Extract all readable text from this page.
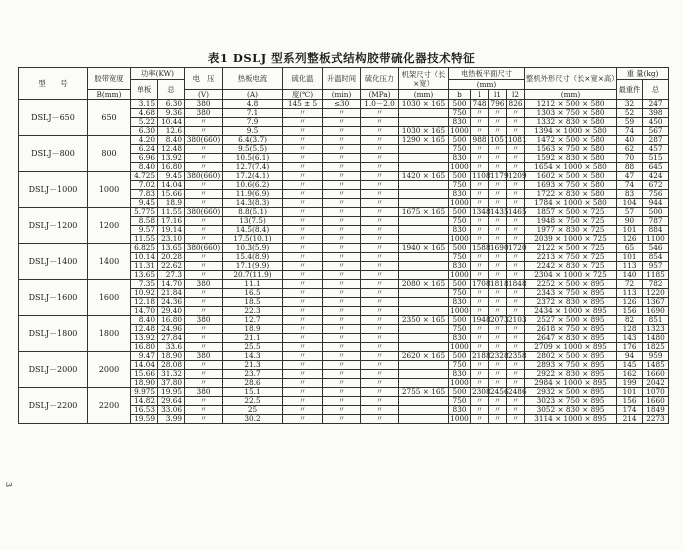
表1 DSLJ 型系列整板式结构胶带硫化器技术特征
型　　号	胶带宽度	功率(KW)		电　压	热板电流	硫化温	升温时间	硫化压力	机架尺寸（长×宽）	电热板平面尺寸				整机外形尺寸（长×宽×高）	重 量(kg)	
		单板	总							(mm)					最重件	总
	B(mm)			(V)	(A)	度(℃)	(min)	(MPa)	(mm)	b	l	l1	l2	(mm)		
DSLJ－650	650	3.15	6.30	380	4.8	145 ± 5	≤30	1.0－2.0	1030 × 165	500	748	796	826	1212 × 500 × 580	32	247
		4.68	9.36	380	7.1	〃	〃	〃		750	〃	〃	〃	1303 × 750 × 580	52	398
		5.22	10.44	〃	7.9	〃	〃	〃		830	〃	〃	〃	1332 × 830 × 580	59	450
		6.30	12.6	〃	9.5	〃	〃	〃	1030 × 165	1000	〃	〃	〃	1394 × 1000 × 580	74	567
DSLJ－800	800	4.20	8.40	380(660)	6.4(3.7)	〃	〃	〃	1290 × 165	500	988	1051	1081	1472 × 500 × 580	40	287
		6.24	12.48	〃	9.5(5.5)	〃	〃	〃		750	〃	〃	〃	1563 × 750 × 580	62	457
		6.96	13.92	〃	10.5(6.1)	〃	〃	〃		830	〃	〃	〃	1592 × 830 × 580	70	515
		8.40	16.80	〃	12.7(7.4)	〃	〃	〃		1000	〃	〃	〃	1654 × 1000 × 580	88	645
DSLJ－1000	1000	4.725	9.45	380(660)	17.2(4.1)	〃	〃	〃	1420 × 165	500	1108	1179	1209	1602 × 500 × 580	47	424
		7.02	14.04	〃	10.6(6.2)	〃	〃	〃		750	〃	〃	〃	1693 × 750 × 580	74	672
		7.83	15.66	〃	11.9(6.9)	〃	〃	〃		830	〃	〃	〃	1722 × 830 × 580	83	756
		9.45	18.9	〃	14.3(8.3)	〃	〃	〃		1000	〃	〃	〃	1784 × 1000 × 580	104	944
DSLJ－1200	1200	5.775	11.55	380(660)	8.8(5.1)	〃	〃	〃	1675 × 165	500	1348	1435	1465	1857 × 500 × 725	57	500
		8.58	17.16	〃	13(7.5)	〃	〃	〃		750	〃	〃	〃	1948 × 750 × 725	90	787
		9.57	19.14	〃	14.5(8.4)	〃	〃	〃		830	〃	〃	〃	1977 × 830 × 725	101	884
		11.55	23.10	〃	17.5(10.1)	〃	〃	〃		1000	〃	〃	〃	2039 × 1000 × 725	126	1100
DSLJ－1400	1400	6.825	13.65	380(660)	10.3(5.9)	〃	〃	〃	1940 × 165	500	1588	1690	1720	2122 × 500 × 725	65	546
		10.14	20.28	〃	15.4(8.9)	〃	〃	〃		750	〃	〃	〃	2213 × 750 × 725	101	854
		11.31	22.62	〃	17.1(9.9)	〃	〃	〃		830	〃	〃	〃	2242 × 830 × 725	113	957
		13.65	27.3	〃	20.7(11.9)	〃	〃	〃		1000	〃	〃	〃	2304 × 1000 × 725	140	1185
DSLJ－1600	1600	7.35	14.70	380	11.1	〃	〃	〃	2080 × 165	500	1708	1818	1848	2252 × 500 × 895	72	782
		10.92	21.84	〃	16.5	〃	〃	〃		750	〃	〃	〃	2343 × 750 × 895	113	1220
		12.18	24.36	〃	18.5	〃	〃	〃		830	〃	〃	〃	2372 × 830 × 895	126	1367
		14.70	29.40	〃	22.3	〃	〃	〃		1000	〃	〃	〃	2434 × 1000 × 895	156	1690
DSLJ－1800	1800	8.40	16.80	380	12.7	〃	〃	〃	2350 × 165	500	1948	2073	2103	2527 × 500 × 895	82	851
		12.48	24.96	〃	18.9	〃	〃	〃		750	〃	〃	〃	2618 × 750 × 895	128	1323
		13.92	27.84	〃	21.1	〃	〃	〃		830	〃	〃	〃	2647 × 830 × 895	143	1480
		16.80	33.6	〃	25.5	〃	〃	〃		1000	〃	〃	〃	2709 × 1000 × 895	176	1825
DSLJ－2000	2000	9.47	18.90	380	14.3	〃	〃	〃	2620 × 165	500	2188	2328	2358	2802 × 500 × 895	94	959
		14.04	28.08	〃	21.3	〃	〃	〃		750	〃	〃	〃	2893 × 750 × 895	145	1485
		15.66	31.32	〃	23.7	〃	〃	〃		830	〃	〃	〃	2922 × 830 × 895	162	1660
		18.90	37.80	〃	28.6	〃	〃	〃		1000	〃	〃	〃	2984 × 1000 × 895	199	2042
DSLJ－2200	2200	9.975	19.95	380	15.1	〃	〃	〃	2755 × 165	500	2308	2456	2486	2932 × 500 × 895	101	1070
		14.82	29.64	〃	22.5	〃	〃	〃		750	〃	〃	〃	3023 × 750 × 895	156	1660
		16.53	33.06	〃	25	〃	〃	〃		830	〃	〃	〃	3052 × 830 × 895	174	1849
		19.59	3.99	〃	30.2	〃	〃	〃		1000	〃	〃	〃	3114 × 1000 × 895	214	2273
3
